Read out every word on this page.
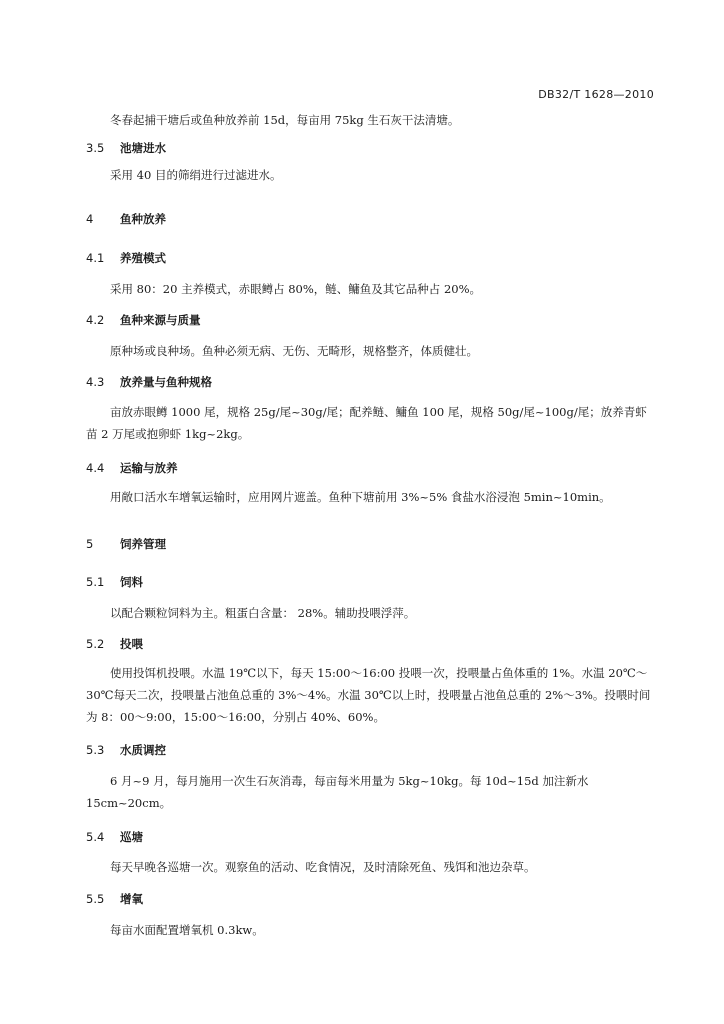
DB32/T 1628—2010
冬春起捕干塘后或鱼种放养前 15d，每亩用 75kg 生石灰干法清塘。
3.5 池塘进水
采用 40 目的筛绢进行过滤进水。
4 鱼种放养
4.1 养殖模式
采用 80：20 主养模式，赤眼鳟占 80%，鲢、鳙鱼及其它品种占 20%。
4.2 鱼种来源与质量
原种场或良种场。鱼种必须无病、无伤、无畸形，规格整齐，体质健壮。
4.3 放养量与鱼种规格
亩放赤眼鳟 1000 尾，规格 25g/尾~30g/尾；配养鲢、鳙鱼 100 尾，规格 50g/尾~100g/尾；放养青虾苗 2 万尾或抱卵虾 1kg~2kg。
4.4 运输与放养
用敞口活水车增氧运输时，应用网片遮盖。鱼种下塘前用 3%~5% 食盐水浴浸泡 5min~10min。
5 饲养管理
5.1 饲料
以配合颗粒饲料为主。粗蛋白含量： 28%。辅助投喂浮萍。
5.2 投喂
使用投饵机投喂。水温 19℃以下，每天 15:00～16:00 投喂一次，投喂量占鱼体重的 1%。水温 20℃～30℃每天二次，投喂量占池鱼总重的 3%～4%。水温 30℃以上时，投喂量占池鱼总重的 2%～3%。投喂时间为 8：00～9:00，15:00～16:00，分别占 40%、60%。
5.3 水质调控
6 月~9 月，每月施用一次生石灰消毒，每亩每米用量为 5kg~10kg。每 10d~15d 加注新水 15cm~20cm。
5.4 巡塘
每天早晚各巡塘一次。观察鱼的活动、吃食情况，及时清除死鱼、残饵和池边杂草。
5.5 增氧
每亩水面配置增氧机 0.3kw。
